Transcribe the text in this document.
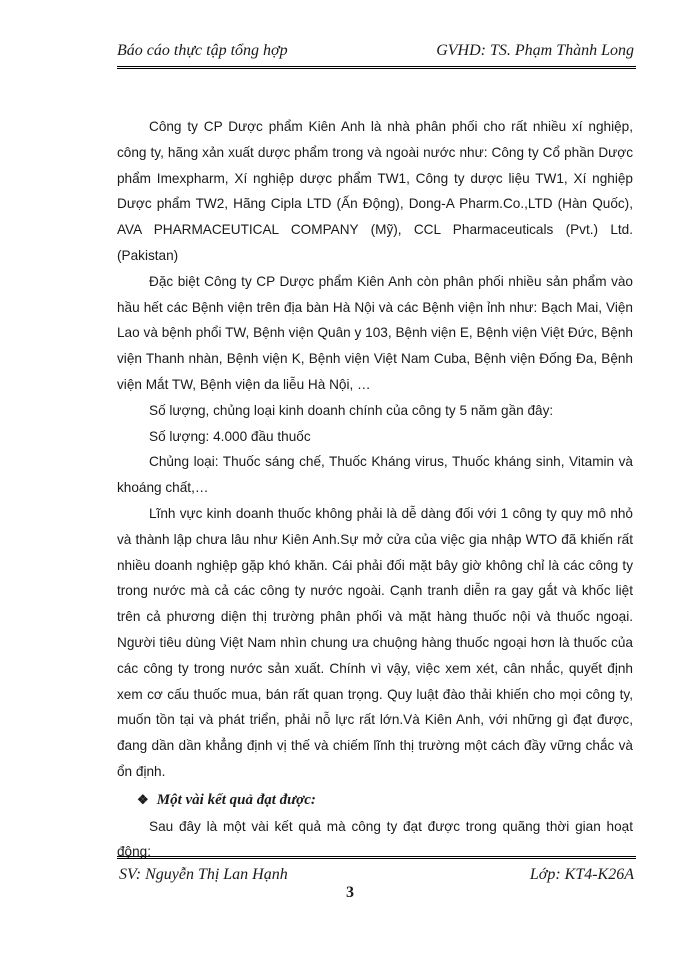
Báo cáo thực tập tổng hợp	GVHD: TS. Phạm Thành Long

Công ty CP Dược phẩm Kiên Anh là nhà phân phối cho rất nhiều xí nghiệp, công ty, hãng xản xuất dược phẩm trong và ngoài nước như: Công ty Cổ phần Dược phẩm Imexpharm, Xí nghiệp dược phẩm TW1, Công ty dược liệu TW1, Xí nghiệp Dược phẩm TW2, Hãng Cipla LTD (Ấn Động), Dong-A Pharm.Co.,LTD (Hàn Quốc), AVA PHARMACEUTICAL COMPANY (Mỹ), CCL Pharmaceuticals (Pvt.) Ltd. (Pakistan)

Đặc biệt Công ty CP Dược phẩm Kiên Anh còn phân phối nhiều sản phẩm vào hầu hết các Bệnh viện trên địa bàn Hà Nội và các Bệnh viện ỉnh như: Bạch Mai, Viện Lao và bệnh phổi TW, Bệnh viện Quân y 103, Bệnh viện E, Bệnh viện Việt Đức, Bệnh viện Thanh nhàn, Bệnh viện K, Bệnh viện Việt Nam Cuba, Bệnh viện Đống Đa, Bệnh viện Mắt TW, Bệnh viện da liễu Hà Nội, …

Số lượng, chủng loại kinh doanh chính của công ty 5 năm gần đây:

Số lượng: 4.000 đầu thuốc

Chủng loại: Thuốc sáng chế, Thuốc Kháng virus, Thuốc kháng sinh, Vitamin và khoáng chất,…

Lĩnh vực kinh doanh thuốc không phải là dễ dàng đối với 1 công ty quy mô nhỏ và thành lập chưa lâu như Kiên Anh.Sự mở cửa của việc gia nhập WTO đã khiến rất nhiều doanh nghiệp gặp khó khăn. Cái phải đối mặt bây giờ không chỉ là các công ty trong nước mà cả các công ty nước ngoài. Cạnh tranh diễn ra gay gắt và khốc liệt trên cả phương diện thị trường phân phối và mặt hàng thuốc nội và thuốc ngoại. Người tiêu dùng Việt Nam nhìn chung ưa chuộng hàng thuốc ngoại hơn là thuốc của các công ty trong nước sản xuất. Chính vì vậy, việc xem xét, cân nhắc, quyết định xem cơ cấu thuốc mua, bán rất quan trọng. Quy luật đào thải khiến cho mọi công ty, muốn tồn tại và phát triển, phải nỗ lực rất lớn.Và Kiên Anh, với những gì đạt được, đang dần dần khẳng định vị thế và chiếm lĩnh thị trường một cách đầy vững chắc và ổn định.

❖ Một vài kết quả đạt được:

Sau đây là một vài kết quả mà công ty đạt được trong quãng thời gian hoạt động:

SV: Nguyễn Thị Lan Hạnh	Lớp: KT4-K26A
3
